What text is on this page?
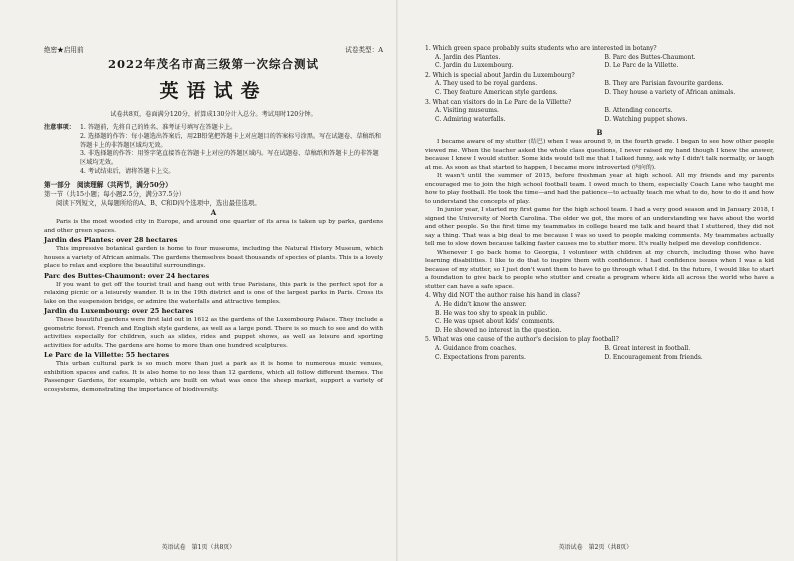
绝密★启用前	试卷类型：A
2022年茂名市高三级第一次综合测试
英语试卷
试卷共8页，卷面满分120分，折算成130分计入总分。考试用时120分钟。
注意事项： 1. 答题前，先将自己的姓名、准考证号填写在答题卡上。
2. 选择题的作答：每小题选出答案后，用2B铅笔把答题卡上对应题目的答案标号涂黑。写在试题卷、草稿纸和答题卡上的非答题区域均无效。
3. 非选择题的作答：用签字笔直接答在答题卡上对应的答题区域内。写在试题卷、草稿纸和答题卡上的非答题区域均无效。
4. 考试结束后，请将答题卡上交。
第一部分　阅读理解（共两节，满分50分）
第一节（共15小题；每小题2.5分，满分37.5分）
阅读下列短文，从每题所给的A、B、C和D四个选项中，选出最佳选项。
A

Paris is the most wooded city in Europe, and around one quarter of its area is taken up by parks, gardens and other green spaces.

Jardin des Plantes: over 28 hectares

This impressive botanical garden is home to four museums, including the Natural History Museum, which houses a variety of African animals. The gardens themselves boast thousands of species of plants. This is a lovely place to relax and explore the beautiful surroundings.

Parc des Buttes-Chaumont: over 24 hectares

If you want to get off the tourist trail and hang out with true Parisians, this park is the perfect spot for a relaxing picnic or a leisurely wander. It is in the 19th district and is one of the largest parks in Paris. Cross its lake on the suspension bridge, or admire the waterfalls and attractive temples.

Jardin du Luxembourg: over 25 hectares

These beautiful gardens were first laid out in 1612 as the gardens of the Luxembourg Palace. They include a geometric forest. French and English style gardens, as well as a large pond. There is so much to see and do with activities especially for children, such as slides, rides and puppet shows, as well as leisure and sporting activities for adults. The gardens are home to more than one hundred sculptures.

Le Parc de la Villette: 55 hectares

This urban cultural park is so much more than just a park as it is home to numerous music venues, exhibition spaces and cafes. It is also home to no less than 12 gardens, which all follow different themes. The Passenger Gardens, for example, which are built on what was once the sheep market, support a variety of ecosystems, demonstrating the importance of biodiversity.

英语试卷　第1页（共8页）
1. Which green space probably suits students who are interested in botany?
A. Jardin des Plantes.	B. Parc des Buttes-Chaumont.
C. Jardin du Luxembourg.	D. Le Parc de la Villette.
2. Which is special about Jardin du Luxembourg?
A. They used to be royal gardens.	B. They are Parisian favourite gardens.
C. They feature American style gardens.	D. They house a variety of African animals.
3. What can visitors do in Le Parc de la Villette?
A. Visiting museums.	B. Attending concerts.
C. Admiring waterfalls.	D. Watching puppet shows.
B

I became aware of my stutter (结巴) when I was around 9, in the fourth grade. I began to see how other people viewed me. When the teacher asked the whole class questions, I never raised my hand though I knew the answer, because I knew I would stutter. Some kids would tell me that I talked funny, ask why I didn't talk normally, or laugh at me. As soon as that started to happen, I became more introverted (内向的).

It wasn't until the summer of 2015, before freshman year at high school. All my friends and my parents encouraged me to join the high school football team. I owed much to them, especially Coach Lane who taught me how to play football. He took the time—and had the patience—to actually teach me what to do, how to do it and how to understand the concepts of play.

In junior year, I started my first game for the high school team. I had a very good season and in January 2018, I signed the University of North Carolina. The older we got, the more of an understanding we have about the world and other people. So the first time my teammates in college heard me talk and heard that I stuttered, they did not say a thing. That was a big deal to me because I was so used to people making comments. My teammates actually tell me to slow down because talking faster causes me to stutter more. It's really helped me develop confidence.

Whenever I go back home to Georgia, I volunteer with children at my church, including those who have learning disabilities. I like to do that to inspire them with confidence. I had confidence issues when I was a kid because of my stutter, so I just don't want them to have to go through what I did. In the future, I would like to start a foundation to give back to people who stutter and create a program where kids all across the world who have a stutter can have a safe space.

4. Why did NOT the author raise his hand in class?
A. He didn't know the answer.
B. He was too shy to speak in public.
C. He was upset about kids' comments.
D. He showed no interest in the question.
5. What was one cause of the author's decision to play football?
A. Guidance from coaches.	B. Great interest in football.
C. Expectations from parents.	D. Encouragement from friends.
英语试卷　第2页（共8页）
